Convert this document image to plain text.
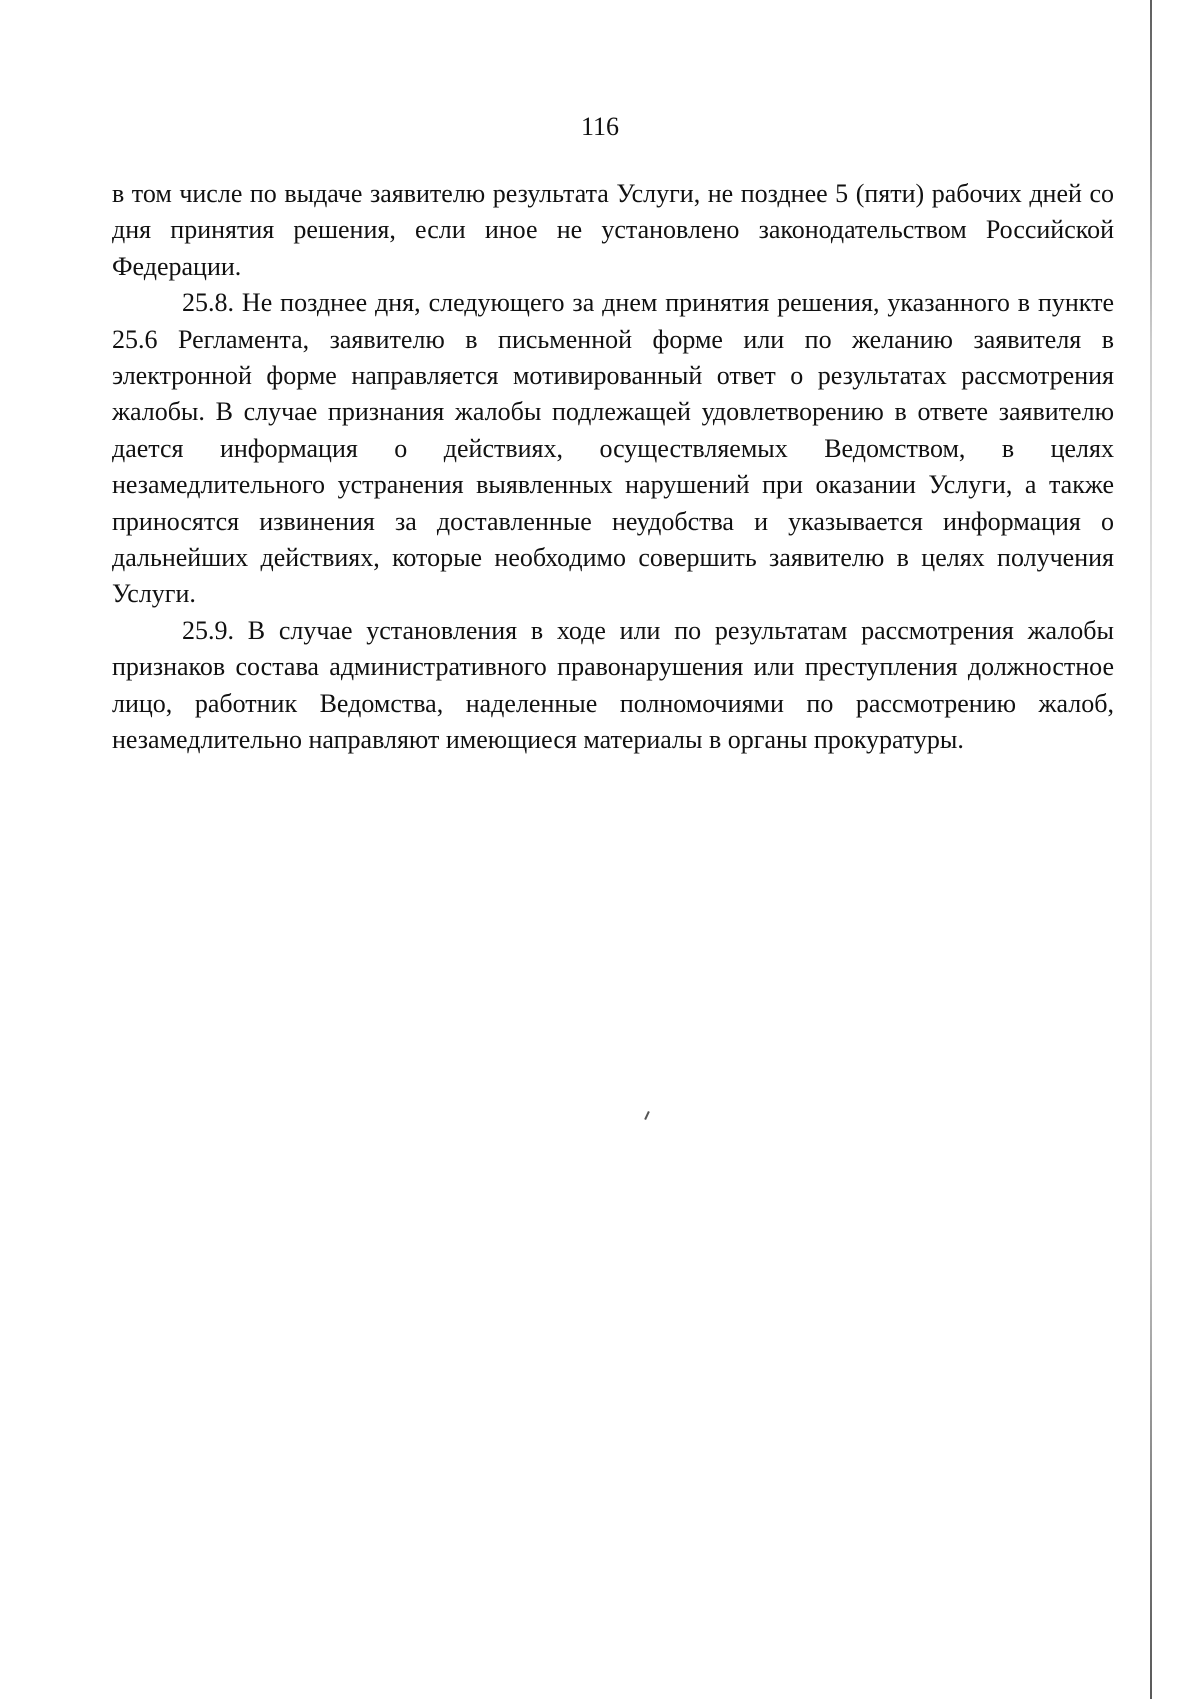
116

в том числе по выдаче заявителю результата Услуги, не позднее 5 (пяти) рабочих дней со дня принятия решения, если иное не установлено законодательством Российской Федерации.

25.8. Не позднее дня, следующего за днем принятия решения, указанного в пункте 25.6 Регламента, заявителю в письменной форме или по желанию заявителя в электронной форме направляется мотивированный ответ о результатах рассмотрения жалобы. В случае признания жалобы подлежащей удовлетворению в ответе заявителю дается информация о действиях, осуществляемых Ведомством, в целях незамедлительного устранения выявленных нарушений при оказании Услуги, а также приносятся извинения за доставленные неудобства и указывается информация о дальнейших действиях, которые необходимо совершить заявителю в целях получения Услуги.

25.9. В случае установления в ходе или по результатам рассмотрения жалобы признаков состава административного правонарушения или преступления должностное лицо, работник Ведомства, наделенные полномочиями по рассмотрению жалоб, незамедлительно направляют имеющиеся материалы в органы прокуратуры.
